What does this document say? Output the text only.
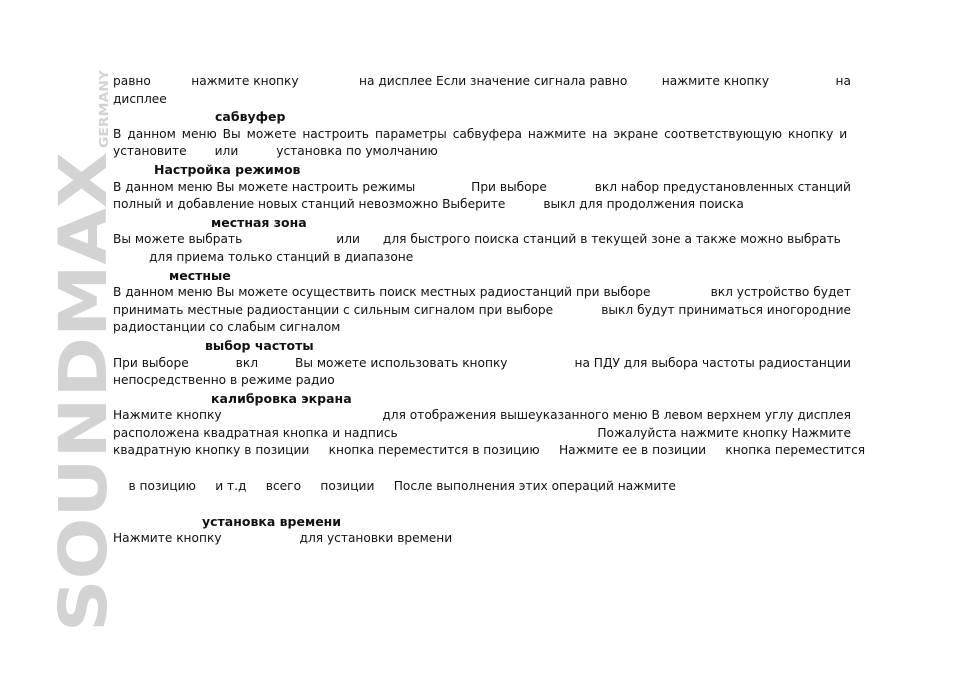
SOUNDMAX
GERMANY равно	нажмите кнопку	на дисплее Если значение сигнала равно	нажмите кнопку	на

дисплее

сабвуфер

В данном меню Вы можете настроить параметры сабвуфера нажмите на экране соответствующую кнопку и
установите или	установка по умолчанию

Настройка режимов

В данном меню Вы можете настроить режимы	При выборе	вкл набор предустановленных станций
полный и добавление новых станций невозможно Выберите	выкл для продолжения поиска

местная зона

Вы можете выбрать	или для быстрого поиска станций в текущей зоне а также можно выбрать

для приема только станций в диапазоне

местные

В данном меню Вы можете осуществить поиск местных радиостанций при выборе	вкл устройство будет
принимать местные радиостанции с сильным сигналом при выборе	выкл будут приниматься иногородние

радиостанции со слабым сигналом

выбор частоты

При выборе	вкл	Вы можете использовать кнопку	на ПДУ для выбора частоты радиостанции

непосредственно в режиме радио

калибровка экрана

Нажмите кнопку	для отображения вышеуказанного меню В левом верхнем углу дисплея
расположена квадратная кнопка и надпись	Пожалуйста нажмите кнопку Нажмите
квадратную кнопку в позиции     кнопка переместится в позицию     Нажмите ее в позиции     кнопка переместится

в позицию     и т.д     всего     позиции     После выполнения этих операций нажмите

установка времени

Нажмите кнопку	для установки времени
